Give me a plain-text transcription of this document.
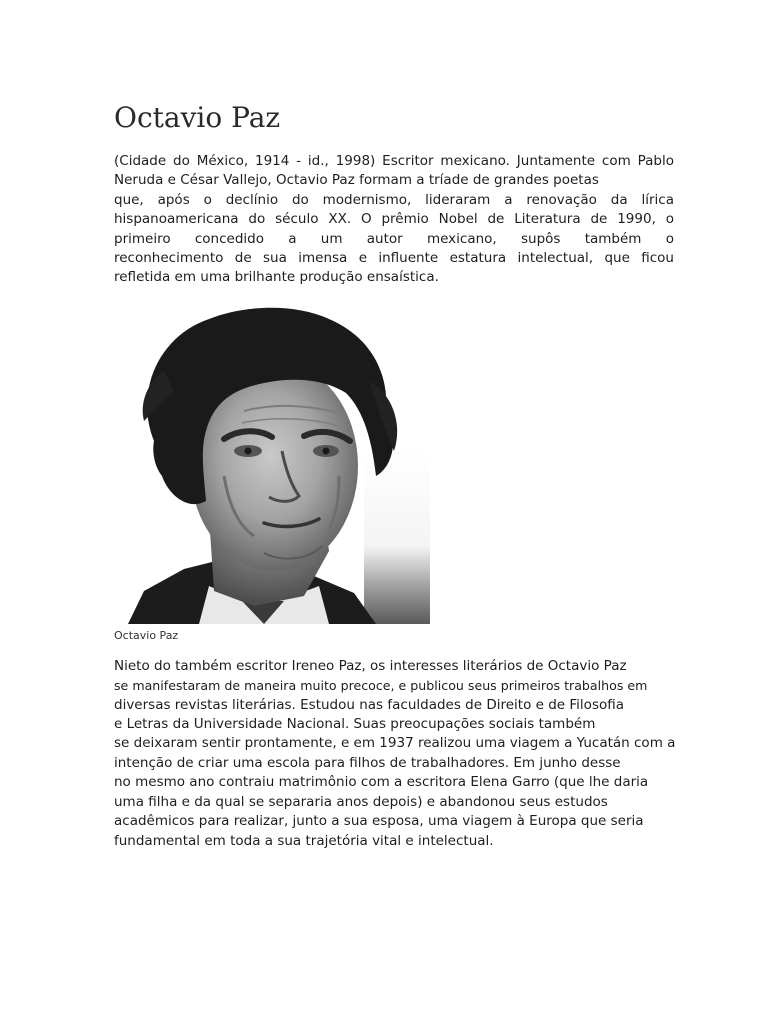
Octavio Paz

(Cidade do México, 1914 - id., 1998) Escritor mexicano. Juntamente com Pablo
Neruda e César Vallejo, Octavio Paz formam a tríade de grandes poetas
que, após o declínio do modernismo, lideraram a renovação da lírica
hispanoamericana do século XX. O prêmio Nobel de Literatura de 1990, o
primeiro concedido a um autor mexicano, supôs também o
reconhecimento de sua imensa e influente estatura intelectual, que ficou
refletida em uma brilhante produção ensaística.

Octavio Paz

Nieto do também escritor Ireneo Paz, os interesses literários de Octavio Paz
se manifestaram de maneira muito precoce, e publicou seus primeiros trabalhos em
diversas revistas literárias. Estudou nas faculdades de Direito e de Filosofia
e Letras da Universidade Nacional. Suas preocupações sociais também
se deixaram sentir prontamente, e em 1937 realizou uma viagem a Yucatán com a
intenção de criar uma escola para filhos de trabalhadores. Em junho desse
no mesmo ano contraiu matrimônio com a escritora Elena Garro (que lhe daria
uma filha e da qual se separaria anos depois) e abandonou seus estudos
acadêmicos para realizar, junto a sua esposa, uma viagem à Europa que seria
fundamental em toda a sua trajetória vital e intelectual.
